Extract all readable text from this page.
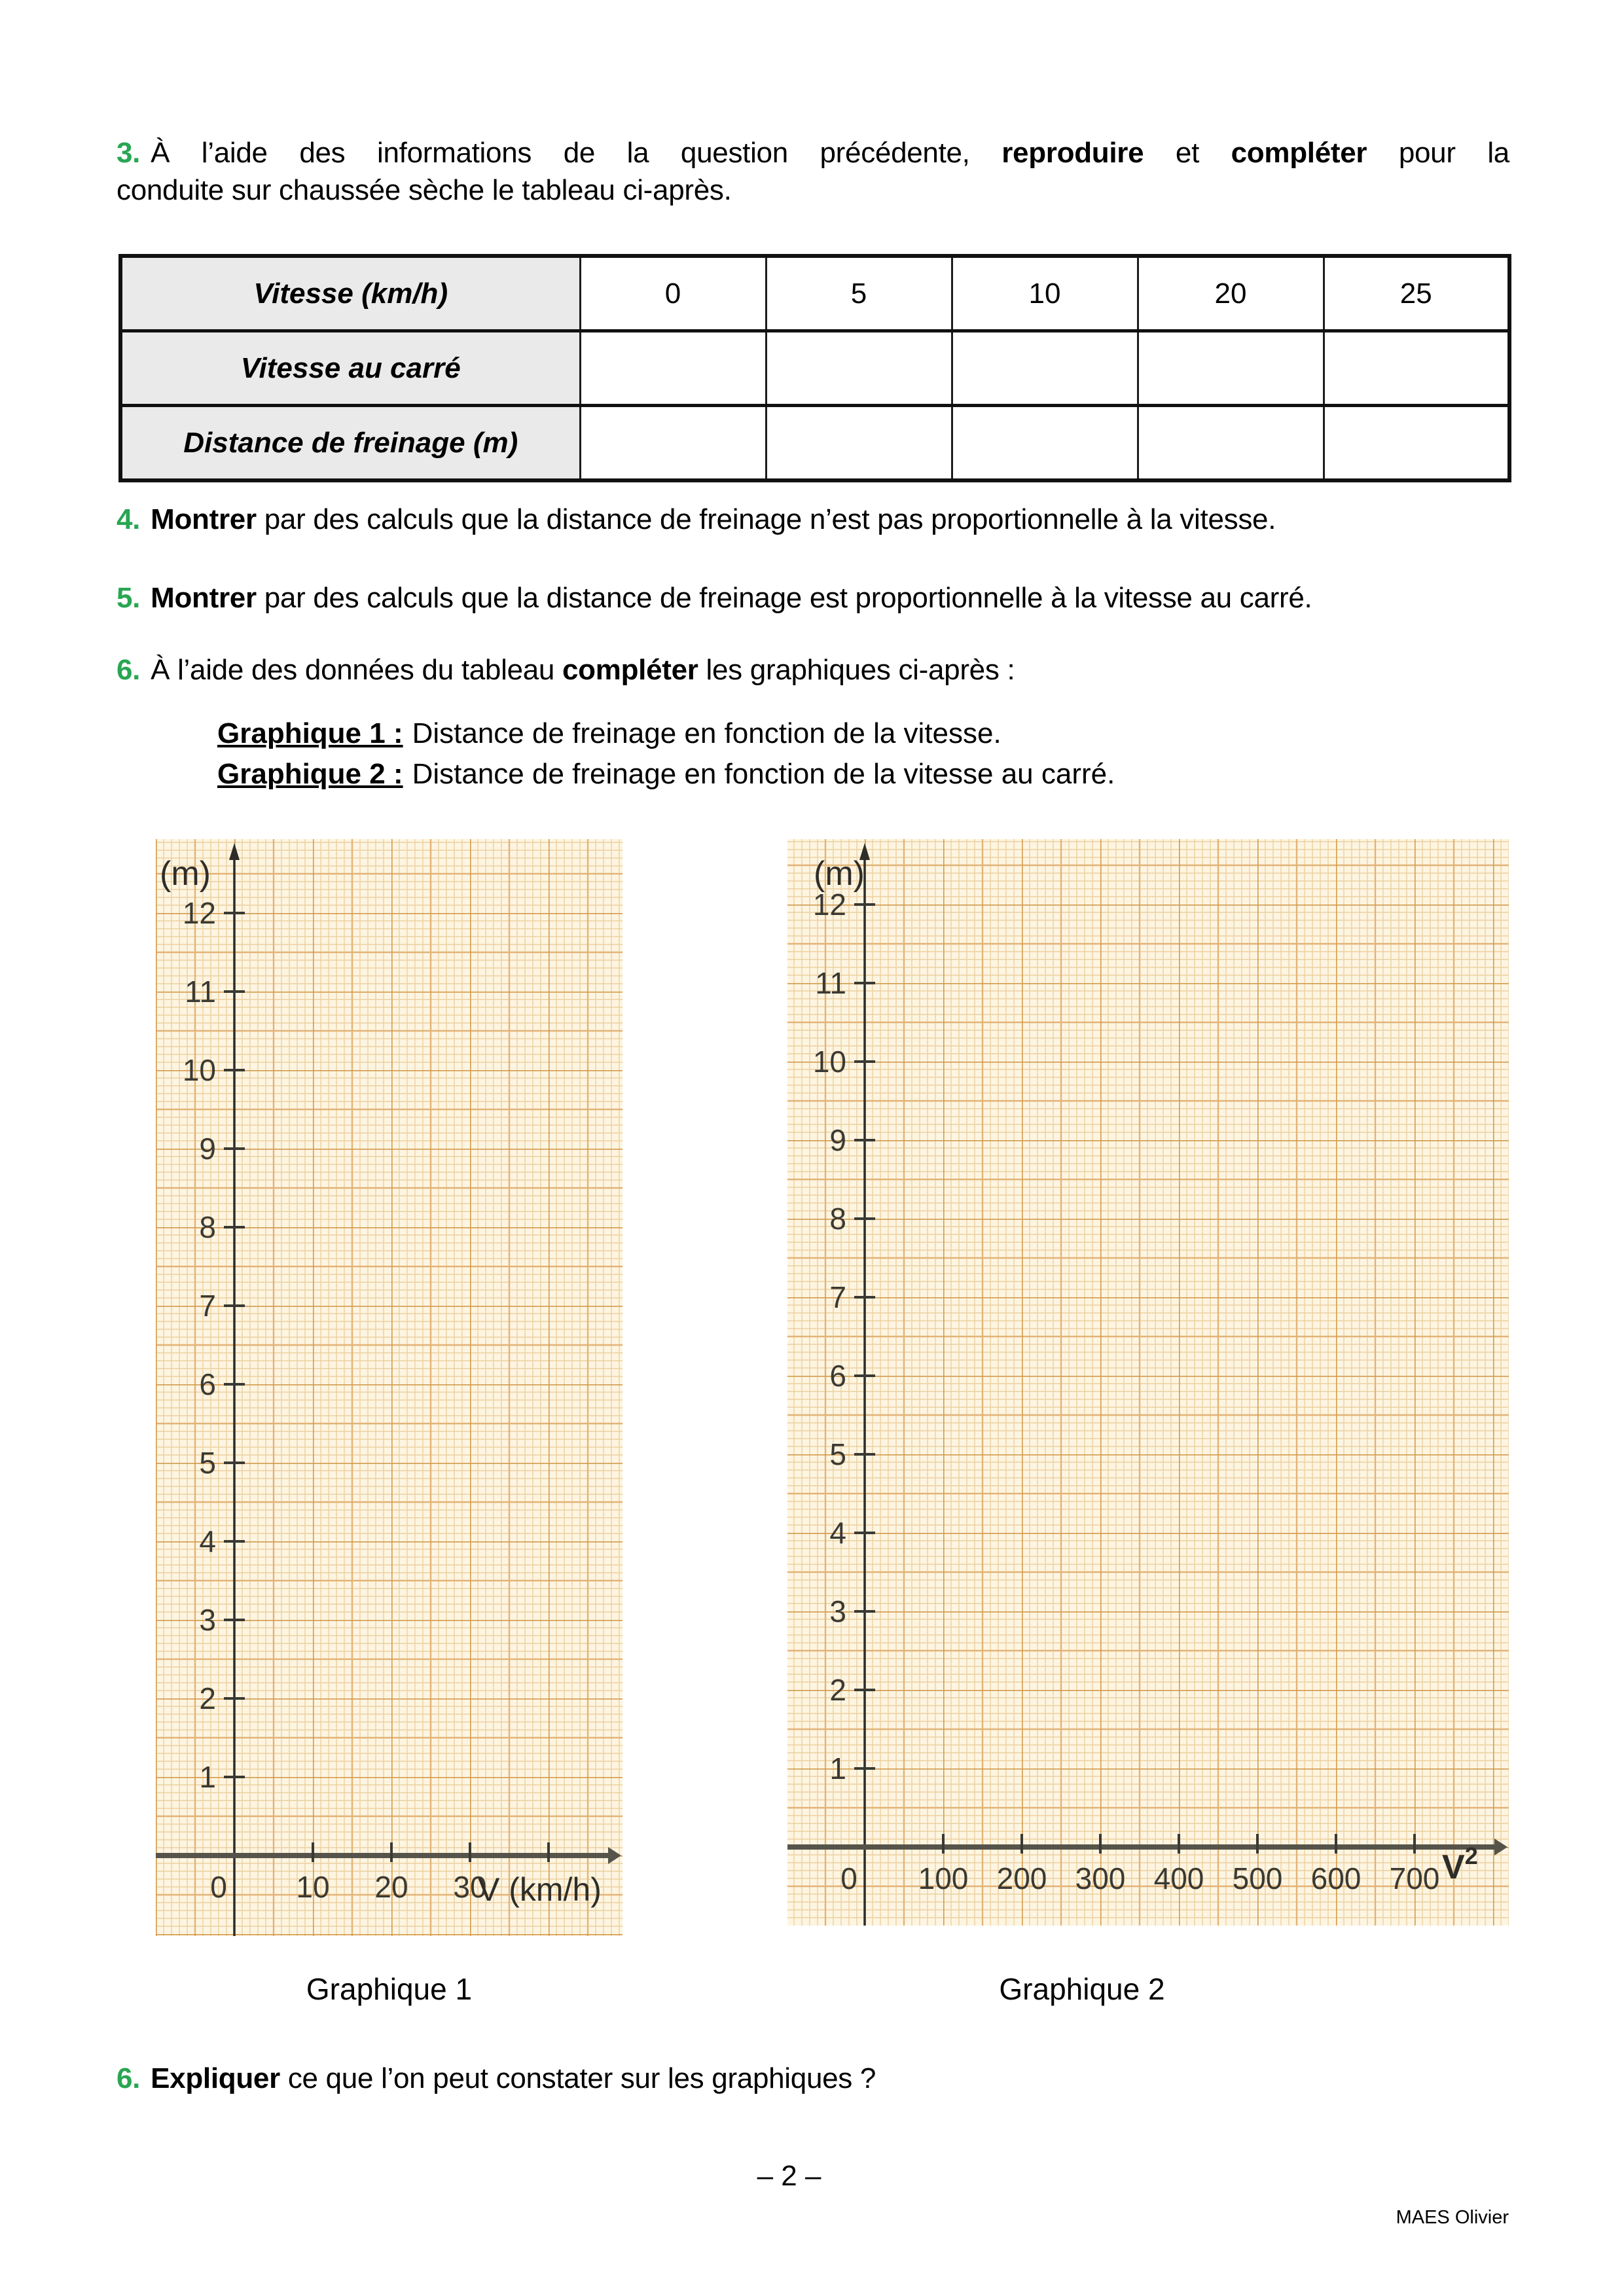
3. À l’aide des informations de la question précédente, reproduire et compléter pour la
conduite sur chaussée sèche le tableau ci-après.
Vitesse (km/h)	0	5	10	20	25
Vitesse au carré					
Distance de freinage (m)					

4. Montrer par des calculs que la distance de freinage n’est pas proportionnelle à la vitesse.

5. Montrer par des calculs que la distance de freinage est proportionnelle à la vitesse au carré.

6. À l’aide des données du tableau compléter les graphiques ci-après :

Graphique 1 : Distance de freinage en fonction de la vitesse.

Graphique 2 : Distance de freinage en fonction de la vitesse au carré.

1
2
3
4
5
6
7
8
9
10
11
12
0 10 20 30
(m)
V (km/h)
1
2
3
4
5
6
7
8
9
10
11
12
0 100 200 300 400 500 600 700
(m)
$V^2$
Graphique 1	Graphique 2

6. Expliquer ce que l’on peut constater sur les graphiques ?

– 2 –
MAES Olivier
